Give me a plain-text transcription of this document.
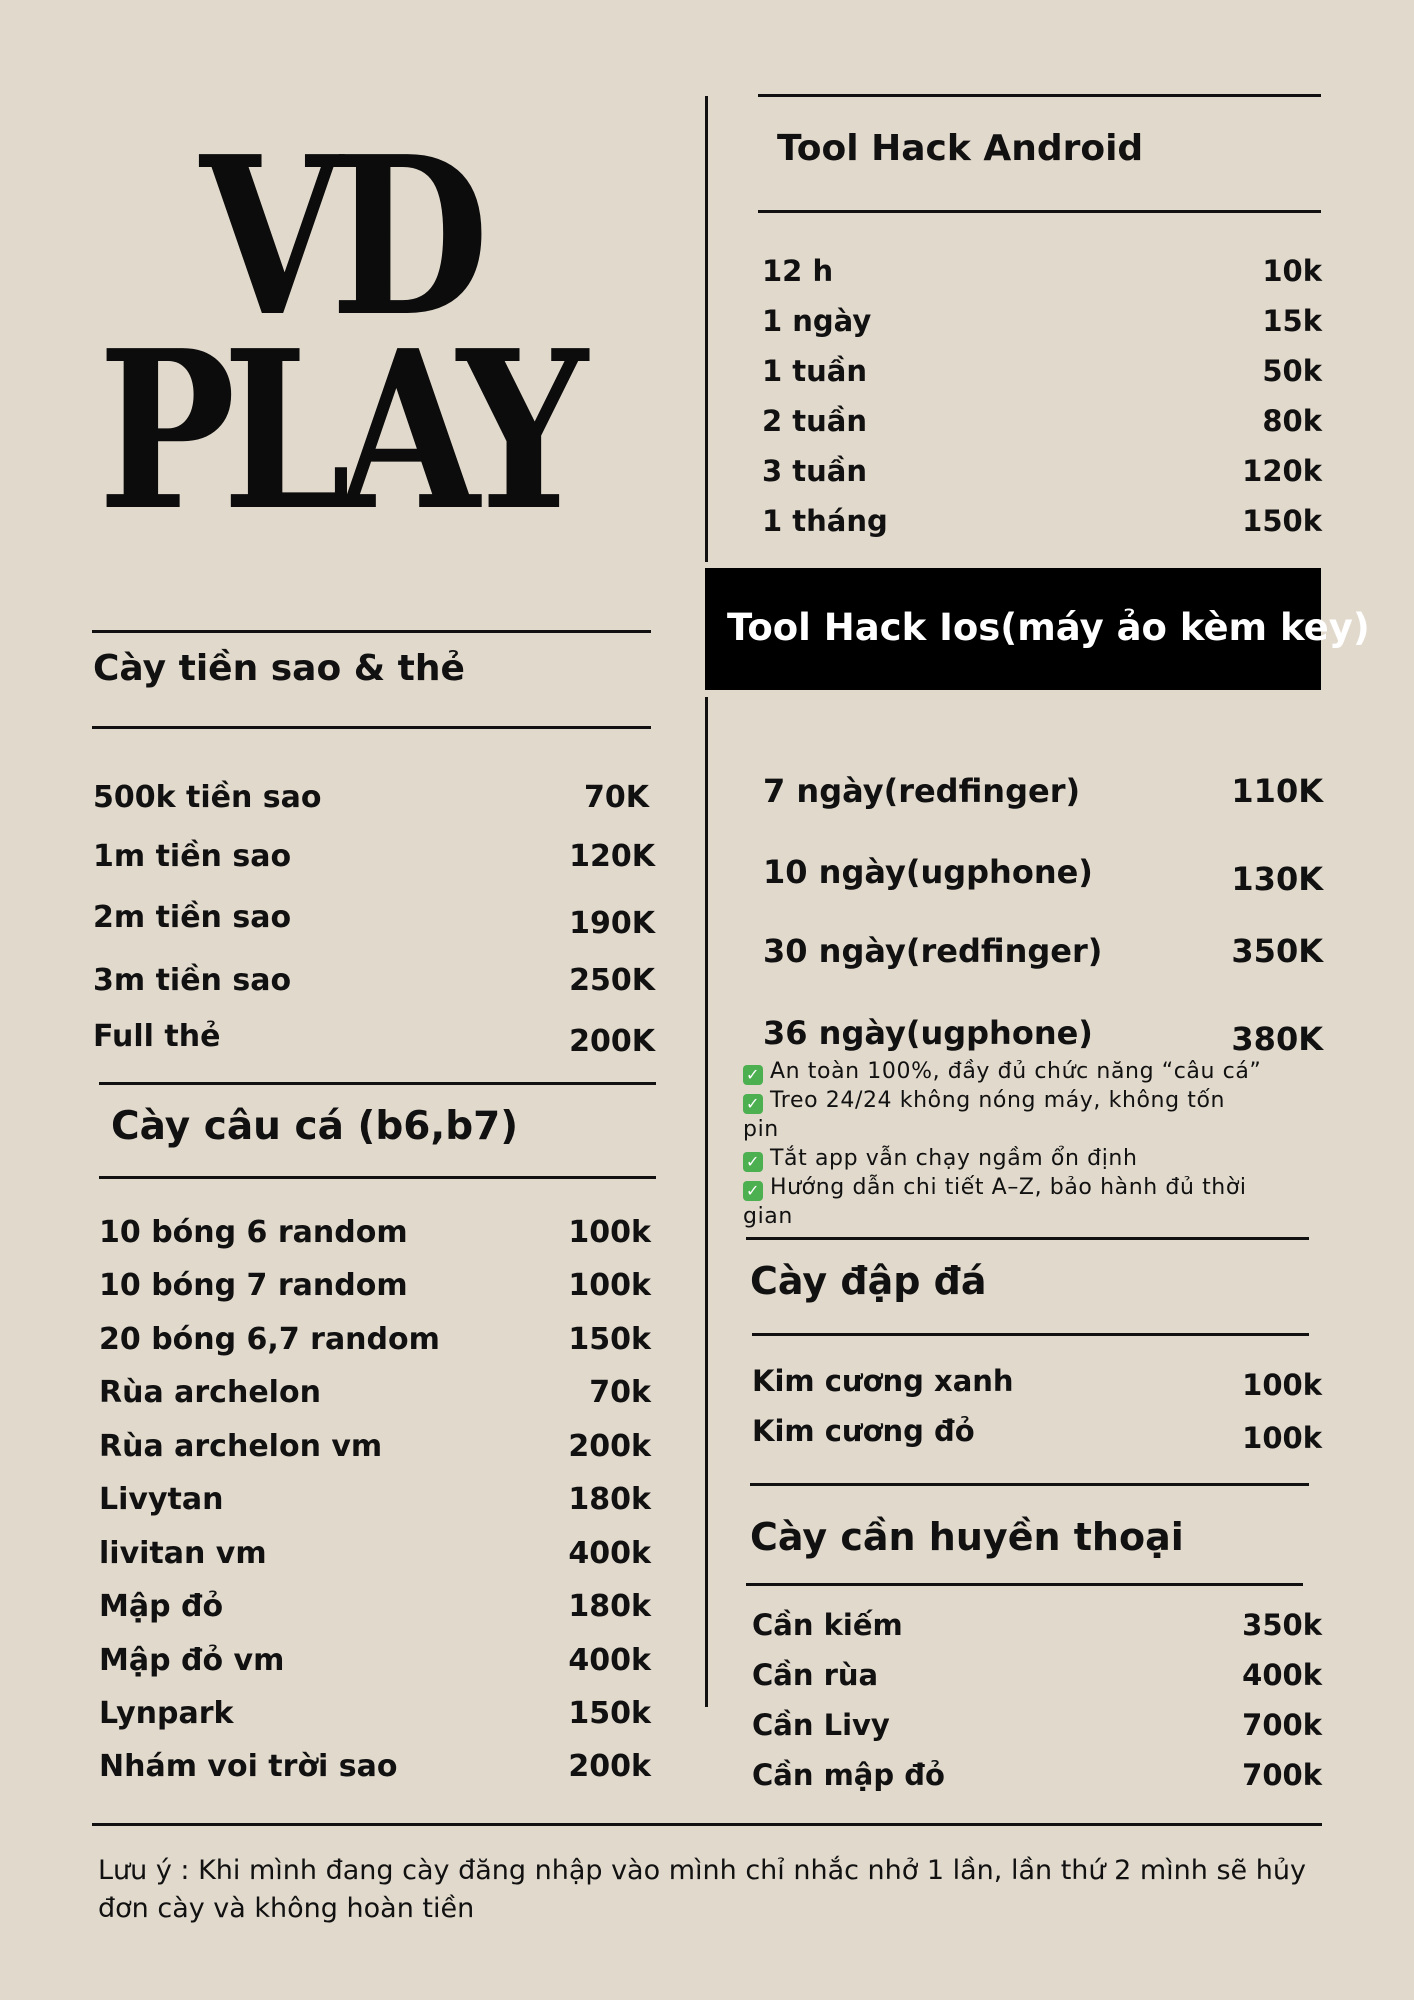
VD
PLAY
Tool Hack Android
12 h	10k
1 ngày	15k
1 tuần	50k
2 tuần	80k
3 tuần	120k
1 tháng	150k
Tool Hack Ios(máy ảo kèm key)
7 ngày(redfinger)	110K
10 ngày(ugphone)	130K
30 ngày(redfinger)	350K
36 ngày(ugphone)	380K
✓ An toàn 100%, đầy đủ chức năng “câu cá”
✓ Treo 24/24 không nóng máy, không tốn pin
✓ Tắt app vẫn chạy ngầm ổn định
✓ Hướng dẫn chi tiết A–Z, bảo hành đủ thời gian
Cày đập đá
Kim cương xanh	100k
Kim cương đỏ	100k
Cày cần huyền thoại
Cần kiếm	350k
Cần rùa	400k
Cần Livy	700k
Cần mập đỏ	700k
Cày tiền sao & thẻ
500k tiền sao	70K
1m tiền sao	120K
2m tiền sao	190K
3m tiền sao	250K
Full thẻ	200K
Cày câu cá (b6,b7)
10 bóng 6 random	100k
10 bóng 7 random	100k
20 bóng 6,7 random	150k
Rùa archelon	70k
Rùa archelon vm	200k
Livytan	180k
livitan vm	400k
Mập đỏ	180k
Mập đỏ vm	400k
Lynpark	150k
Nhám voi trời sao	200k
Lưu ý : Khi mình đang cày đăng nhập vào mình chỉ nhắc nhở 1 lần, lần thứ 2 mình sẽ hủy đơn cày và không hoàn tiền
